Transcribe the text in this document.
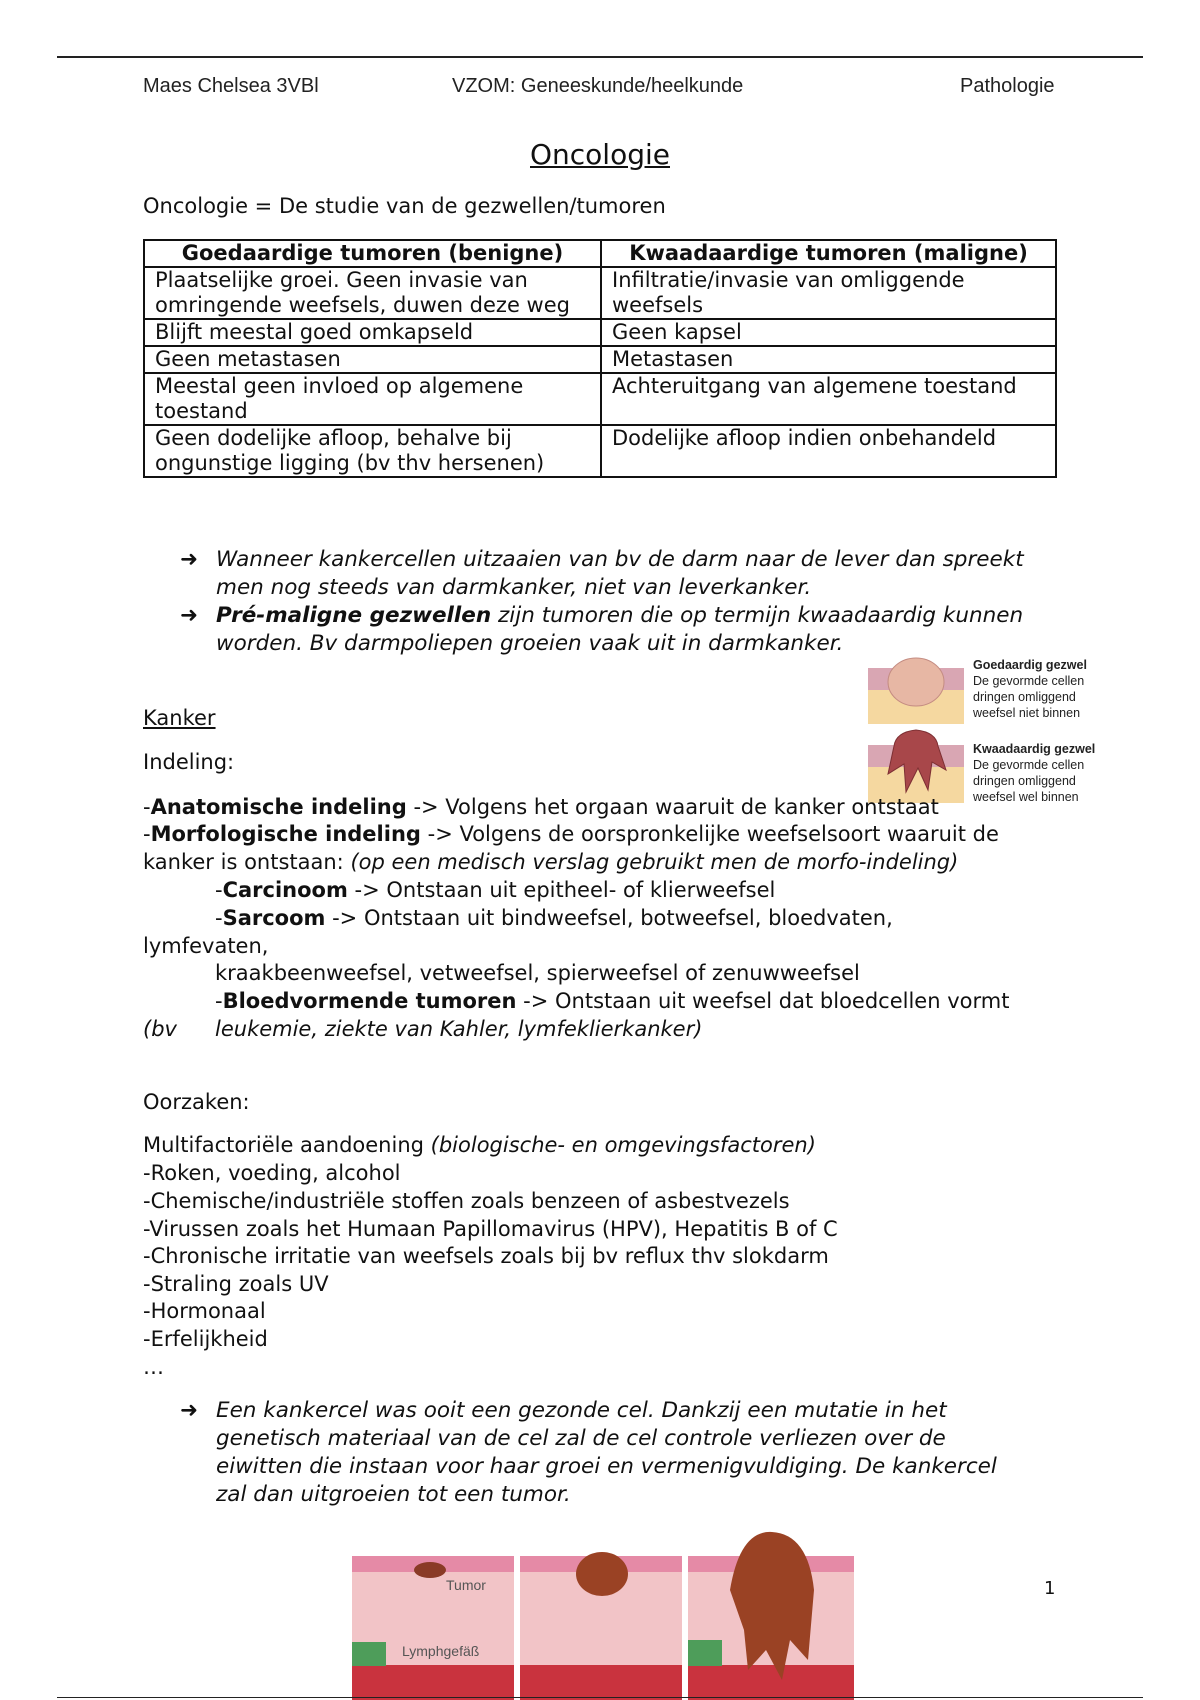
Maes Chelsea 3VBl	VZOM: Geneeskunde/heelkunde	Pathologie
Oncologie
Oncologie = De studie van de gezwellen/tumoren
Goedaardige tumoren (benigne)	Kwaadaardige tumoren (maligne)
Plaatselijke groei. Geen invasie van omringende weefsels, duwen deze weg	Infiltratie/invasie van omliggende weefsels
Blijft meestal goed omkapseld	Geen kapsel
Geen metastasen	Metastasen
Meestal geen invloed op algemene toestand	Achteruitgang van algemene toestand
Geen dodelijke afloop, behalve bij ongunstige ligging (bv thv hersenen)	Dodelijke afloop indien onbehandeld
➜ Wanneer kankercellen uitzaaien van bv de darm naar de lever dan spreekt men nog steeds van darmkanker, niet van leverkanker.
➜ Pré-maligne gezwellen zijn tumoren die op termijn kwaadaardig kunnen worden. Bv darmpoliepen groeien vaak uit in darmkanker.
Goedaardig gezwel
De gevormde cellen dringen omliggend weefsel niet binnen
Kwaadaardig gezwel
De gevormde cellen dringen omliggend weefsel wel binnen
Kanker
Indeling:
-Anatomische indeling -> Volgens het orgaan waaruit de kanker ontstaat
-Morfologische indeling -> Volgens de oorspronkelijke weefselsoort waaruit de
kanker is ontstaan: (op een medisch verslag gebruikt men de morfo-indeling)
-Carcinoom -> Ontstaan uit epitheel- of klierweefsel
-Sarcoom -> Ontstaan uit bindweefsel, botweefsel, bloedvaten,
lymfevaten,
kraakbeenweefsel, vetweefsel, spierweefsel of zenuwweefsel
-Bloedvormende tumoren -> Ontstaan uit weefsel dat bloedcellen vormt
(bv leukemie, ziekte van Kahler, lymfeklierkanker)
Oorzaken:
Multifactoriële aandoening (biologische- en omgevingsfactoren)
-Roken, voeding, alcohol
-Chemische/industriële stoffen zoals benzeen of asbestvezels
-Virussen zoals het Humaan Papillomavirus (HPV), Hepatitis B of C
-Chronische irritatie van weefsels zoals bij bv reflux thv slokdarm
-Straling zoals UV
-Hormonaal
-Erfelijkheid
…
➜ Een kankercel was ooit een gezonde cel. Dankzij een mutatie in het genetisch materiaal van de cel zal de cel controle verliezen over de eiwitten die instaan voor haar groei en vermenigvuldiging. De kankercel zal dan uitgroeien tot een tumor.
Tumor
Lymphgefäß
1
